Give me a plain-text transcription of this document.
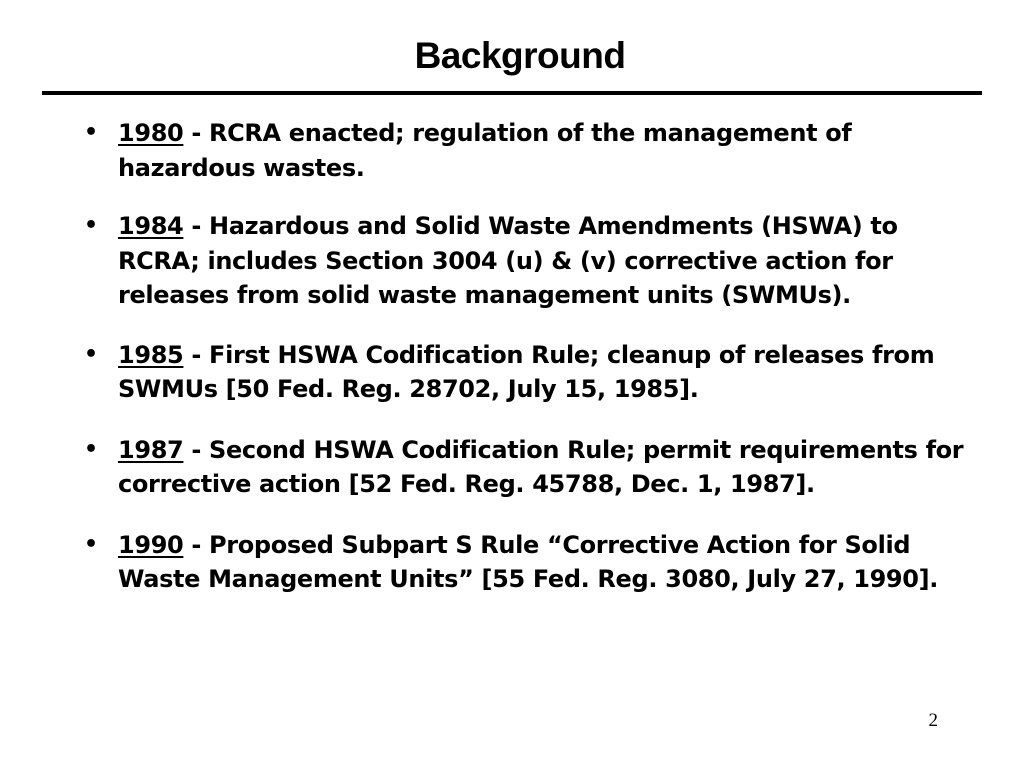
Background
• 1980 - RCRA enacted; regulation of the management of hazardous wastes.
• 1984 - Hazardous and Solid Waste Amendments (HSWA) to RCRA; includes Section 3004 (u) & (v) corrective action for releases from solid waste management units (SWMUs).
• 1985 - First HSWA Codification Rule; cleanup of releases from SWMUs [50 Fed. Reg. 28702, July 15, 1985].
• 1987 - Second HSWA Codification Rule; permit requirements for corrective action [52 Fed. Reg. 45788, Dec. 1, 1987].
• 1990 - Proposed Subpart S Rule “Corrective Action for Solid Waste Management Units” [55 Fed. Reg. 3080, July 27, 1990].
2
